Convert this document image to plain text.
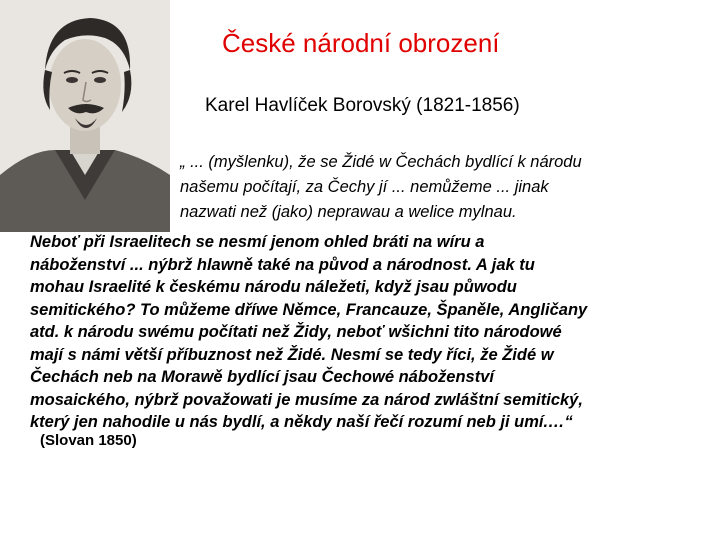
České národní obrození
Karel Havlíček Borovský (1821-1856)
„ ... (myšlenku), že se Židé w Čechách bydlící k národu
našemu počítají, za Čechy jí ... nemůžeme ... jinak
nazwati než (jako) neprawau a welice mylnau.
Neboť při Israelitech se nesmí jenom ohled bráti na wíru a
náboženství ... nýbrž hlawně také na původ a národnost. A jak tu
mohau Israelité k českému národu náležeti, když jsau půwodu
semitického? To můžeme dříwe Němce, Francauze, Španěle, Angličany
atd. k národu swému počítati než Židy, neboť wšichni tito národowé
mají s námi větší příbuznost než Židé. Nesmí se tedy říci, že Židé w
Čechách neb na Morawě bydlící jsau Čechowé náboženství
mosaického, nýbrž považowati je musíme za národ zwláštní semitický,
který jen nahodile u nás bydlí, a někdy naší řečí rozumí neb ji umí.…“
(Slovan 1850)
